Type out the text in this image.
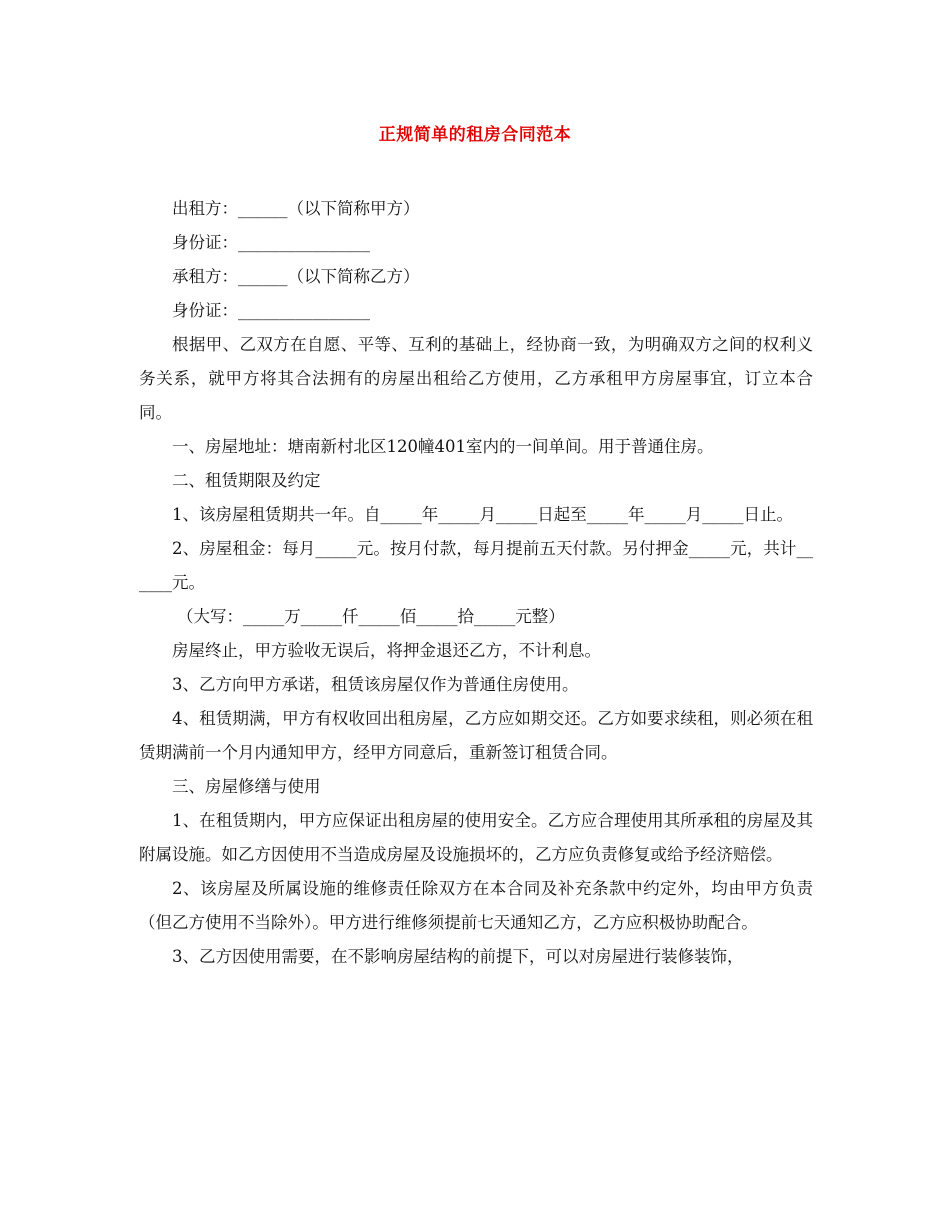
正规简单的租房合同范本

出租方：______（以下简称甲方）

身份证：________________

承租方：______（以下简称乙方）

身份证：________________

根据甲、乙双方在自愿、平等、互利的基础上，经协商一致，为明确双方之间的权利义务关系，就甲方将其合法拥有的房屋出租给乙方使用，乙方承租甲方房屋事宜，订立本合同。

一、房屋地址：塘南新村北区120幢401室内的一间单间。用于普通住房。

二、租赁期限及约定

1、该房屋租赁期共一年。自_____年_____月_____日起至_____年_____月_____日止。

2、房屋租金：每月_____元。按月付款，每月提前五天付款。另付押金_____元，共计______元。

（大写：_____万_____仟_____佰_____拾_____元整）

房屋终止，甲方验收无误后，将押金退还乙方，不计利息。

3、乙方向甲方承诺，租赁该房屋仅作为普通住房使用。

4、租赁期满，甲方有权收回出租房屋，乙方应如期交还。乙方如要求续租，则必须在租赁期满前一个月内通知甲方，经甲方同意后，重新签订租赁合同。

三、房屋修缮与使用

1、在租赁期内，甲方应保证出租房屋的使用安全。乙方应合理使用其所承租的房屋及其附属设施。如乙方因使用不当造成房屋及设施损坏的，乙方应负责修复或给予经济赔偿。

2、该房屋及所属设施的维修责任除双方在本合同及补充条款中约定外，均由甲方负责（但乙方使用不当除外）。甲方进行维修须提前七天通知乙方，乙方应积极协助配合。

3、乙方因使用需要，在不影响房屋结构的前提下，可以对房屋进行装修装饰，
